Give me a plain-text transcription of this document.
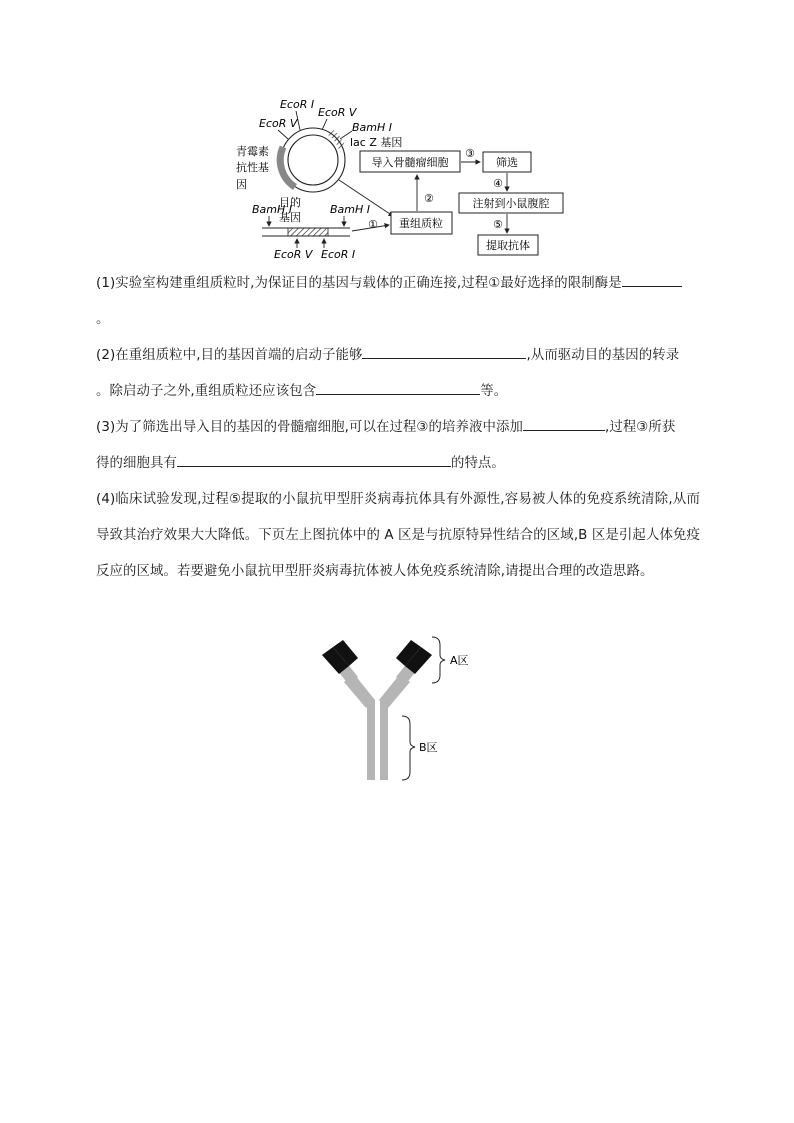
EcoR I
EcoR V
EcoR V	BamH I
lac Z 基因
青霉素
抗性基
因
目的
基因
BamH I	BamH I
EcoR V EcoR I
① 重组质粒
②
导入骨髓瘤细胞
③
筛选
④
注射到小鼠腹腔
⑤
提取抗体
(1)实验室构建重组质粒时,为保证目的基因与载体的正确连接,过程①最好选择的限制酶是
。
(2)在重组质粒中,目的基因首端的启动子能够	,从而驱动目的基因的转录
。除启动子之外,重组质粒还应该包含	等。
(3)为了筛选出导入目的基因的骨髓瘤细胞,可以在过程③的培养液中添加	,过程③所获
得的细胞具有	的特点。
(4)临床试验发现,过程⑤提取的小鼠抗甲型肝炎病毒抗体具有外源性,容易被人体的免疫系统清除,从而导致其治疗效果大大降低。下页左上图抗体中的 A 区是与抗原特异性结合的区域,B 区是引起人体免疫反应的区域。若要避免小鼠抗甲型肝炎病毒抗体被人体免疫系统清除,请提出合理的改造思路。
A区
B区
